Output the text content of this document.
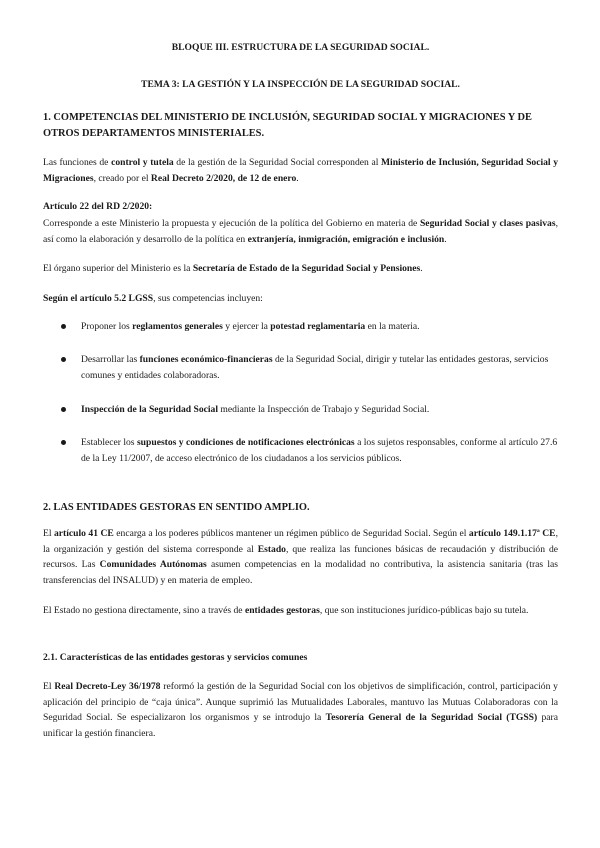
BLOQUE III. ESTRUCTURA DE LA SEGURIDAD SOCIAL.

TEMA 3: LA GESTIÓN Y LA INSPECCIÓN DE LA SEGURIDAD SOCIAL.

1. COMPETENCIAS DEL MINISTERIO DE INCLUSIÓN, SEGURIDAD SOCIAL Y MIGRACIONES Y DE OTROS DEPARTAMENTOS MINISTERIALES.

Las funciones de control y tutela de la gestión de la Seguridad Social corresponden al Ministerio de Inclusión, Seguridad Social y Migraciones, creado por el Real Decreto 2/2020, de 12 de enero.

Artículo 22 del RD 2/2020:

Corresponde a este Ministerio la propuesta y ejecución de la política del Gobierno en materia de Seguridad Social y clases pasivas, así como la elaboración y desarrollo de la política en extranjería, inmigración, emigración e inclusión.

El órgano superior del Ministerio es la Secretaría de Estado de la Seguridad Social y Pensiones.

Según el artículo 5.2 LGSS, sus competencias incluyen:

Proponer los reglamentos generales y ejercer la potestad reglamentaria en la materia.

Desarrollar las funciones económico-financieras de la Seguridad Social, dirigir y tutelar las entidades gestoras, servicios comunes y entidades colaboradoras.

Inspección de la Seguridad Social mediante la Inspección de Trabajo y Seguridad Social.

Establecer los supuestos y condiciones de notificaciones electrónicas a los sujetos responsables, conforme al artículo 27.6 de la Ley 11/2007, de acceso electrónico de los ciudadanos a los servicios públicos.

2. LAS ENTIDADES GESTORAS EN SENTIDO AMPLIO.

El artículo 41 CE encarga a los poderes públicos mantener un régimen público de Seguridad Social. Según el artículo 149.1.17ª CE, la organización y gestión del sistema corresponde al Estado, que realiza las funciones básicas de recaudación y distribución de recursos. Las Comunidades Autónomas asumen competencias en la modalidad no contributiva, la asistencia sanitaria (tras las transferencias del INSALUD) y en materia de empleo.

El Estado no gestiona directamente, sino a través de entidades gestoras, que son instituciones jurídico-públicas bajo su tutela.

2.1. Características de las entidades gestoras y servicios comunes

El Real Decreto-Ley 36/1978 reformó la gestión de la Seguridad Social con los objetivos de simplificación, control, participación y aplicación del principio de “caja única”. Aunque suprimió las Mutualidades Laborales, mantuvo las Mutuas Colaboradoras con la Seguridad Social. Se especializaron los organismos y se introdujo la Tesorería General de la Seguridad Social (TGSS) para unificar la gestión financiera.
